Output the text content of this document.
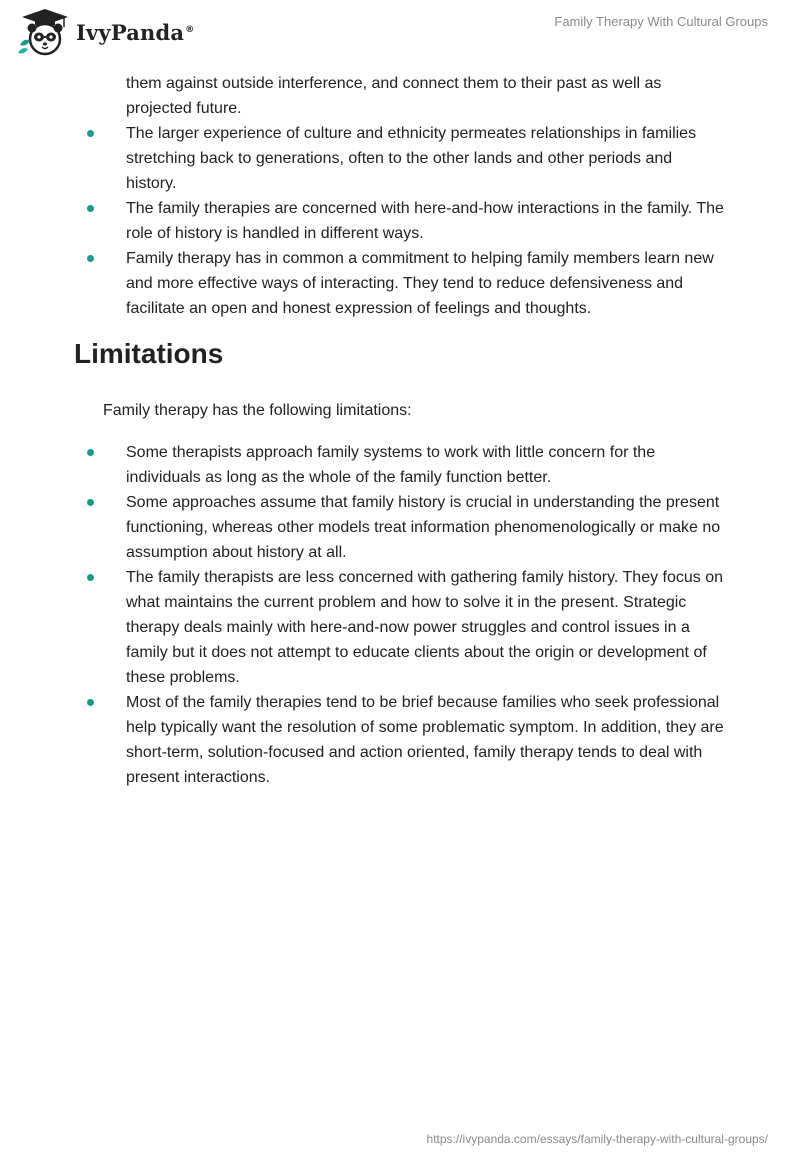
IvyPanda®
Family Therapy With Cultural Groups
them against outside interference, and connect them to their past as well as projected future.
The larger experience of culture and ethnicity permeates relationships in families stretching back to generations, often to the other lands and other periods and history.
The family therapies are concerned with here-and-how interactions in the family. The role of history is handled in different ways.
Family therapy has in common a commitment to helping family members learn new and more effective ways of interacting. They tend to reduce defensiveness and facilitate an open and honest expression of feelings and thoughts.
Limitations
Family therapy has the following limitations:
Some therapists approach family systems to work with little concern for the individuals as long as the whole of the family function better.
Some approaches assume that family history is crucial in understanding the present functioning, whereas other models treat information phenomenologically or make no assumption about history at all.
The family therapists are less concerned with gathering family history. They focus on what maintains the current problem and how to solve it in the present. Strategic therapy deals mainly with here-and-now power struggles and control issues in a family but it does not attempt to educate clients about the origin or development of these problems.
Most of the family therapies tend to be brief because families who seek professional help typically want the resolution of some problematic symptom. In addition, they are short-term, solution-focused and action oriented, family therapy tends to deal with present interactions.
https://ivypanda.com/essays/family-therapy-with-cultural-groups/
